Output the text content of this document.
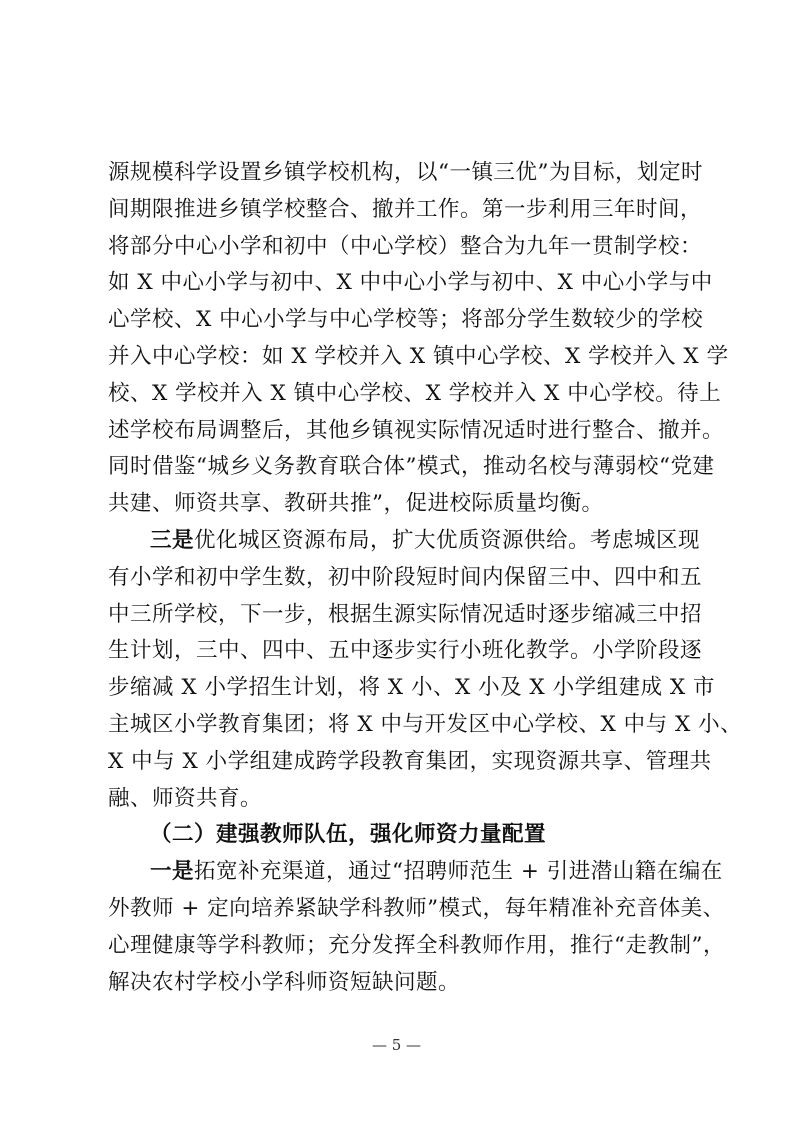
源规模科学设置乡镇学校机构，以“一镇三优”为目标，划定时
间期限推进乡镇学校整合、撤并工作。第一步利用三年时间，
将部分中心小学和初中（中心学校）整合为九年一贯制学校：
如 X 中心小学与初中、X 中中心小学与初中、X 中心小学与中
心学校、X 中心小学与中心学校等；将部分学生数较少的学校
并入中心学校：如 X 学校并入 X 镇中心学校、X 学校并入 X 学
校、X 学校并入 X 镇中心学校、X 学校并入 X 中心学校。待上
述学校布局调整后，其他乡镇视实际情况适时进行整合、撤并。
同时借鉴“城乡义务教育联合体”模式，推动名校与薄弱校“党建
共建、师资共享、教研共推”，促进校际质量均衡。
三是优化城区资源布局，扩大优质资源供给。考虑城区现
有小学和初中学生数，初中阶段短时间内保留三中、四中和五
中三所学校，下一步，根据生源实际情况适时逐步缩减三中招
生计划，三中、四中、五中逐步实行小班化教学。小学阶段逐
步缩减 X 小学招生计划，将 X 小、X 小及 X 小学组建成 X 市
主城区小学教育集团；将 X 中与开发区中心学校、X 中与 X 小、
X 中与 X 小学组建成跨学段教育集团，实现资源共享、管理共
融、师资共育。
（二）建强教师队伍，强化师资力量配置
一是拓宽补充渠道，通过“招聘师范生 + 引进潜山籍在编在
外教师 + 定向培养紧缺学科教师”模式，每年精准补充音体美、
心理健康等学科教师；充分发挥全科教师作用，推行“走教制”，
解决农村学校小学科师资短缺问题。
— 5 —
